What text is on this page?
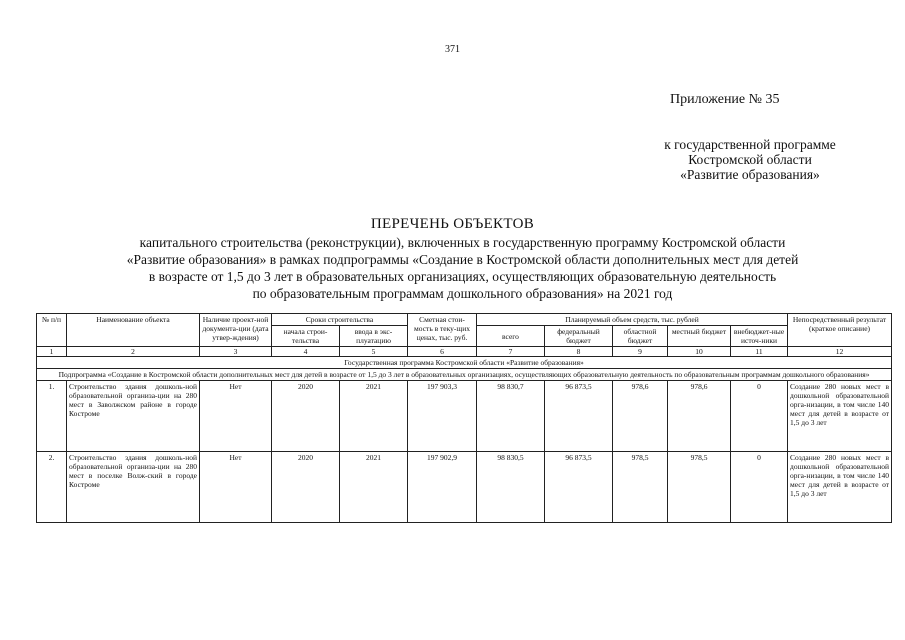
371
Приложение № 35
к государственной программе
Костромской области
«Развитие образования»
ПЕРЕЧЕНЬ ОБЪЕКТОВ
капитального строительства (реконструкции), включенных в государственную программу Костромской области
«Развитие образования» в рамках подпрограммы «Создание в Костромской области дополнительных мест для детей
в возрасте от 1,5 до 3 лет в образовательных организациях, осуществляющих образовательную деятельность
по образовательным программам дошкольного образования» на 2021 год
№ п/п	Наименование объекта	Наличие проект-ной документа-ции (дата утвер-ждения)	Сроки строительства		Сметная стои-мость в теку-щих ценах, тыс. руб.	Планируемый объем средств, тыс. рублей					Непосредственный результат (краткое описание)
			начала строи-тельства	ввода в экс-плуатацию		всего	федеральный бюджет	областной бюджет	местный бюджет	внебюджет-ные источ-ники	
1	2	3	4	5	6	7	8	9	10	11	12
Государственная программа Костромской области «Развитие образования»											
Подпрограмма «Создание в Костромской области дополнительных мест для детей в возрасте от 1,5 до 3 лет в образовательных организациях, осуществляющих образовательную деятельность по образовательным программам дошкольного образования»											
1.	Строительство здания дошколь-ной образовательной организа-ции на 280 мест в Заволжском районе в городе Костроме	Нет	2020	2021	197 903,3	98 830,7	96 873,5	978,6	978,6	0	Создание 280 новых мест в дошкольной образовательной орга-низации, в том числе 140 мест для детей в возрасте от 1,5 до 3 лет
2.	Строительство здания дошколь-ной образовательной организа-ции на 280 мест в поселке Волж-ский в городе Костроме	Нет	2020	2021	197 902,9	98 830,5	96 873,5	978,5	978,5	0	Создание 280 новых мест в дошкольной образовательной орга-низации, в том числе 140 мест для детей в возрасте от 1,5 до 3 лет
